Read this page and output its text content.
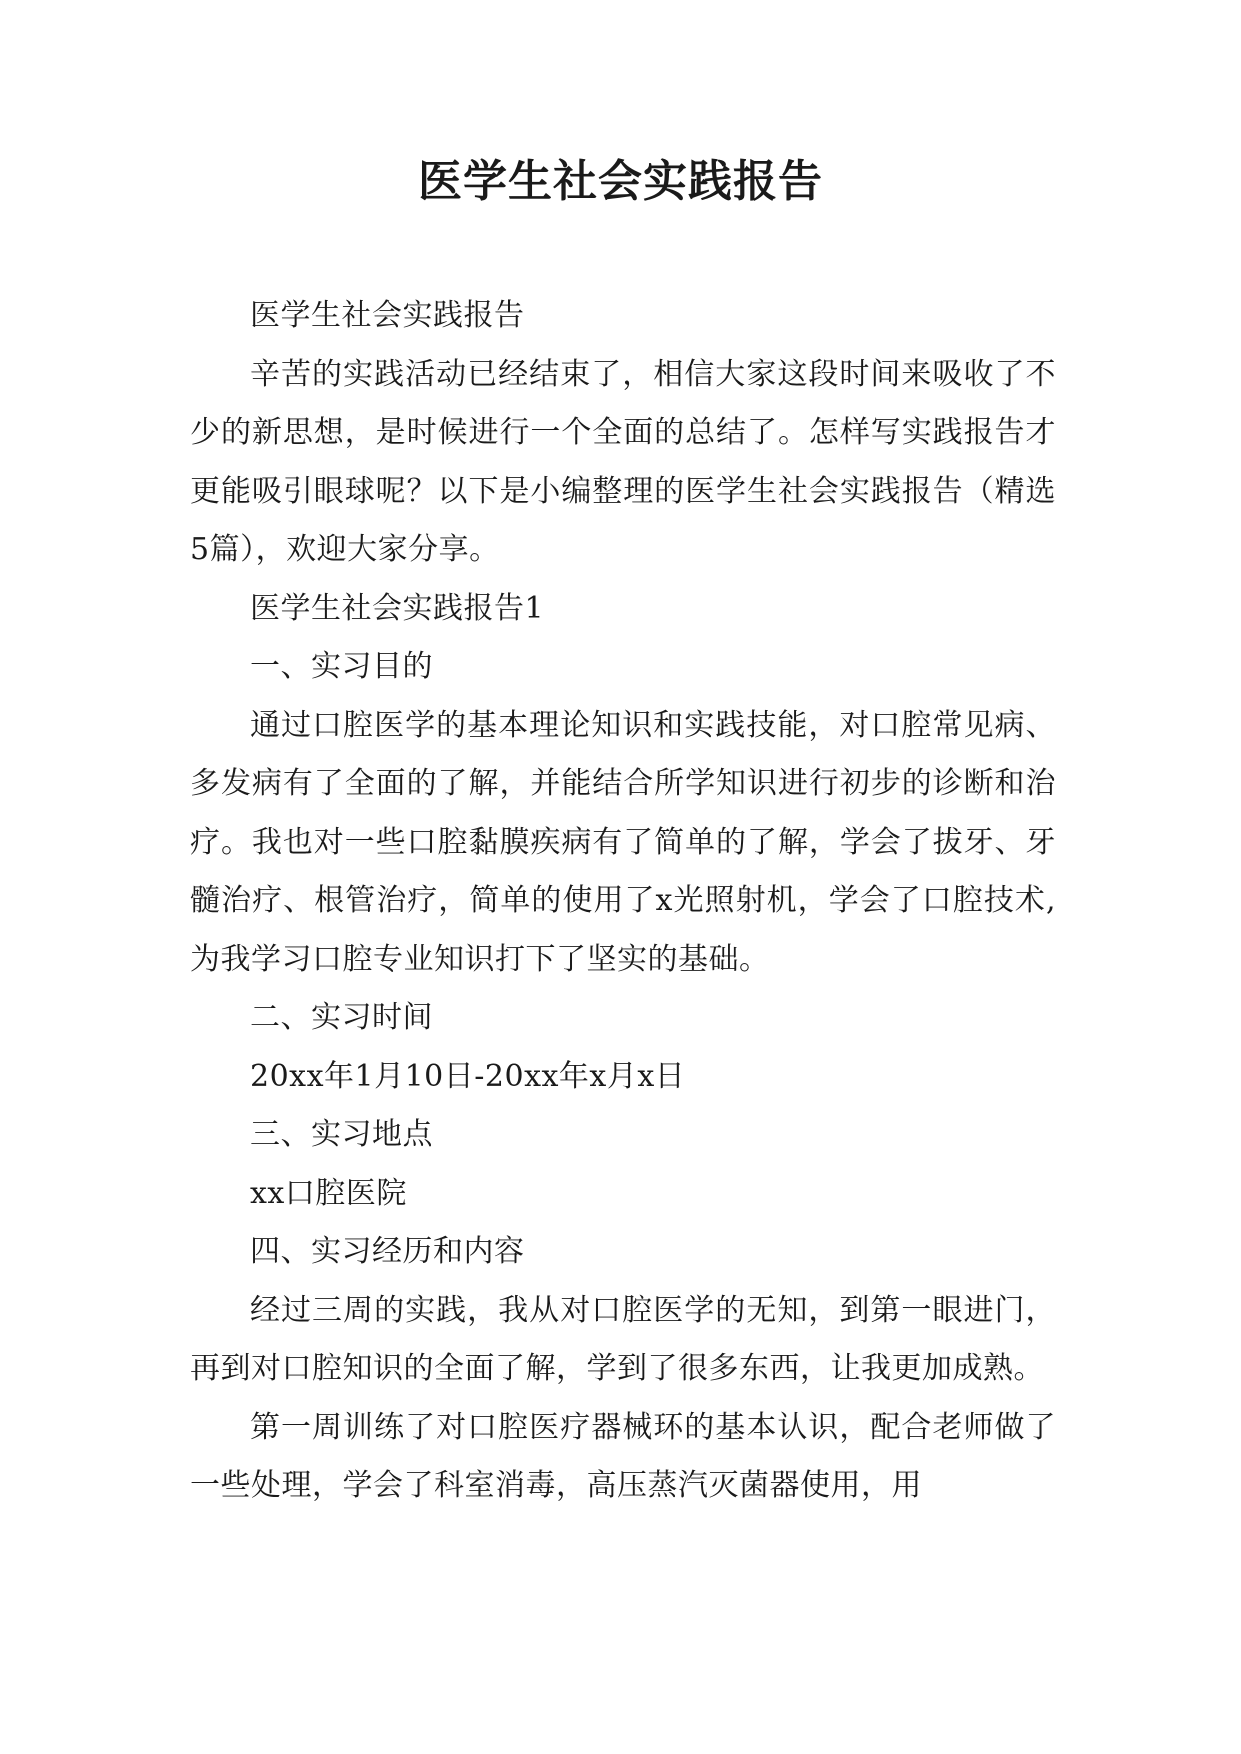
医学生社会实践报告

医学生社会实践报告

辛苦的实践活动已经结束了，相信大家这段时间来吸收了不少的新思想，是时候进行一个全面的总结了。怎样写实践报告才更能吸引眼球呢？以下是小编整理的医学生社会实践报告（精选5篇），欢迎大家分享。

医学生社会实践报告1

一、实习目的

通过口腔医学的基本理论知识和实践技能，对口腔常见病、多发病有了全面的了解，并能结合所学知识进行初步的诊断和治疗。我也对一些口腔黏膜疾病有了简单的了解，学会了拔牙、牙髓治疗、根管治疗，简单的使用了x光照射机，学会了口腔技术,为我学习口腔专业知识打下了坚实的基础。

二、实习时间

20xx年1月10日-20xx年x月x日

三、实习地点

xx口腔医院

四、实习经历和内容

经过三周的实践，我从对口腔医学的无知，到第一眼进门，再到对口腔知识的全面了解，学到了很多东西，让我更加成熟。

第一周训练了对口腔医疗器械环的基本认识，配合老师做了一些处理，学会了科室消毒，高压蒸汽灭菌器使用，用
